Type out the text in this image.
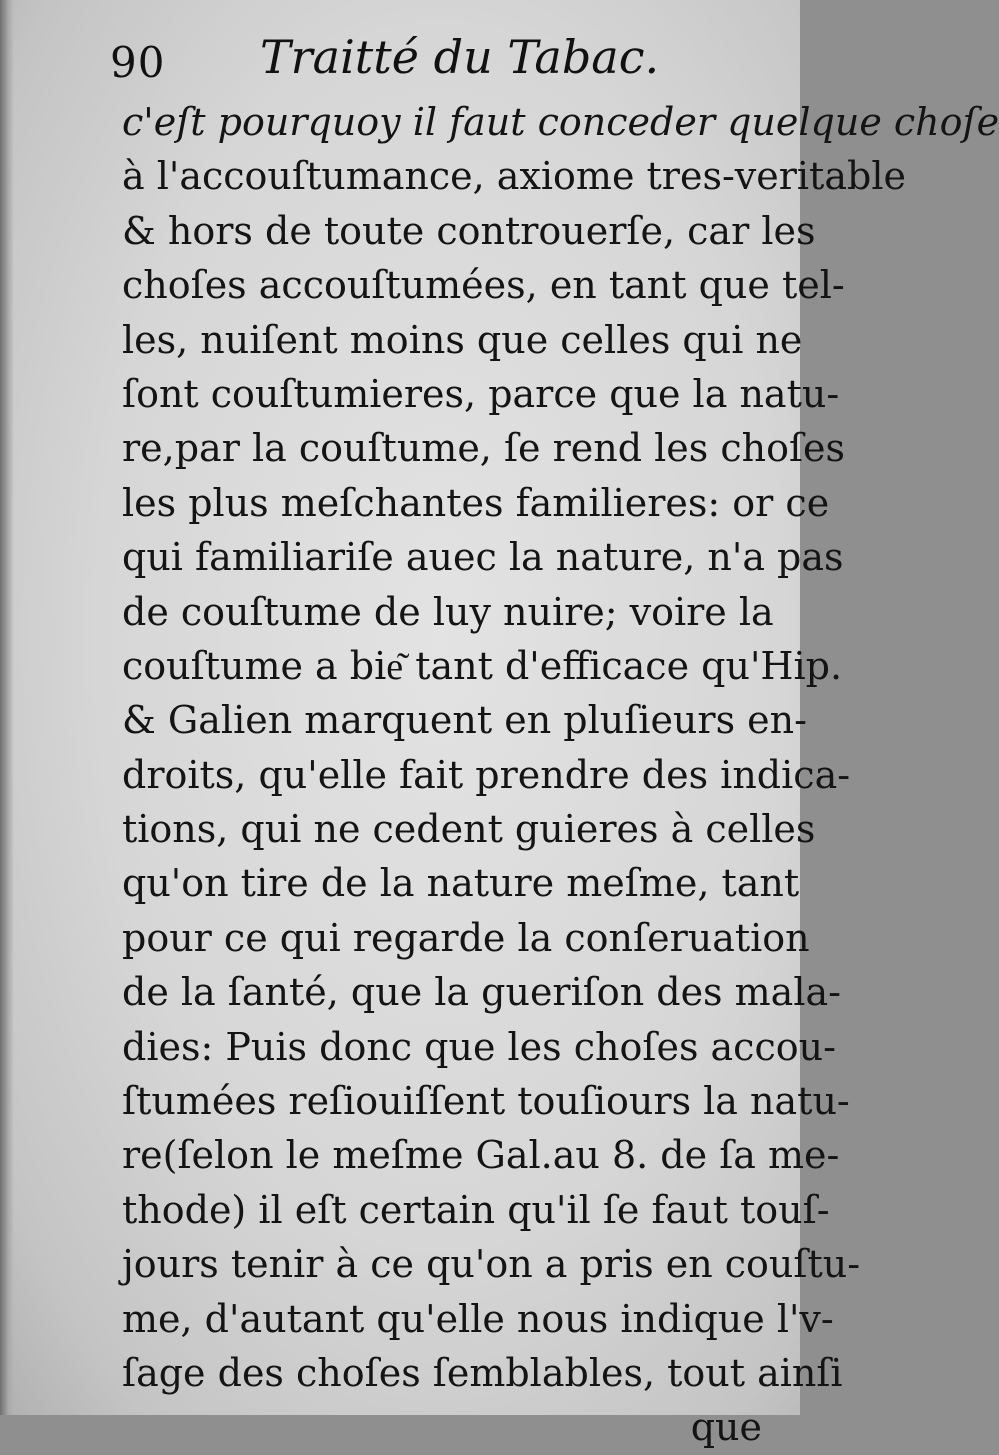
90 Traitté du Tabac.
c'eſt pourquoy il faut conceder quelque choſe
à l'accouſtumance, axiome tres-veritable
& hors de toute controuerſe, car les
choſes accouſtumées, en tant que tel-
les, nuiſent moins que celles qui ne
ſont couſtumieres, parce que la natu-
re,par la couſtume, ſe rend les choſes
les plus meſchantes familieres: or ce
qui familiariſe auec la nature, n'a pas
de couſtume de luy nuire; voire la
couſtume a bie͂ tant d'efficace qu'Hip.
& Galien marquent en pluſieurs en-
droits, qu'elle fait prendre des indica-
tions, qui ne cedent guieres à celles
qu'on tire de la nature meſme, tant
pour ce qui regarde la conſeruation
de la ſanté, que la gueriſon des mala-
dies: Puis donc que les choſes accou-
ſtumées reſiouiſſent touſiours la natu-
re(ſelon le meſme Gal.au 8. de ſa me-
thode) il eſt certain qu'il ſe faut touſ-
jours tenir à ce qu'on a pris en couſtu-
me, d'autant qu'elle nous indique l'v-
ſage des choſes ſemblables, tout ainſi
que
